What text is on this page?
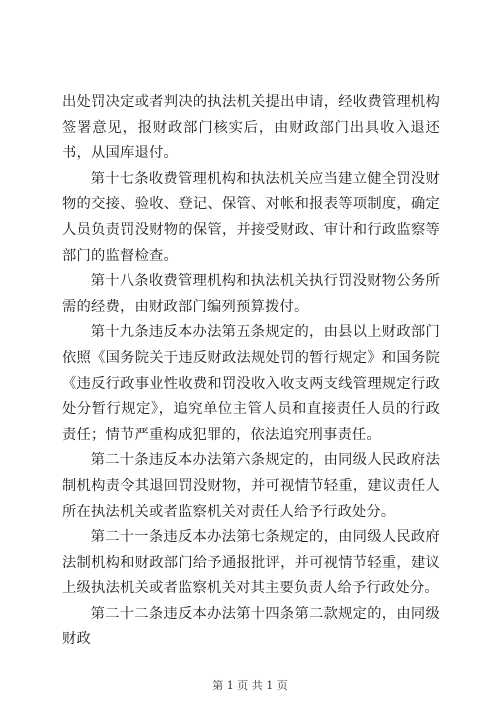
出处罚决定或者判决的执法机关提出申请，经收费管理机构签署意见，报财政部门核实后，由财政部门出具收入退还书，从国库退付。

第十七条收费管理机构和执法机关应当建立健全罚没财物的交接、验收、登记、保管、对帐和报表等项制度，确定人员负责罚没财物的保管，并接受财政、审计和行政监察等部门的监督检查。

第十八条收费管理机构和执法机关执行罚没财物公务所需的经费，由财政部门编列预算拨付。

第十九条违反本办法第五条规定的，由县以上财政部门依照《国务院关于违反财政法规处罚的暂行规定》和国务院《违反行政事业性收费和罚没收入收支两支线管理规定行政处分暂行规定》，追究单位主管人员和直接责任人员的行政责任；情节严重构成犯罪的，依法追究刑事责任。

第二十条违反本办法第六条规定的，由同级人民政府法制机构责令其退回罚没财物，并可视情节轻重，建议责任人所在执法机关或者监察机关对责任人给予行政处分。

第二十一条违反本办法第七条规定的，由同级人民政府法制机构和财政部门给予通报批评，并可视情节轻重，建议上级执法机关或者监察机关对其主要负责人给予行政处分。

第二十二条违反本办法第十四条第二款规定的，由同级财政

第 1 页 共 1 页
